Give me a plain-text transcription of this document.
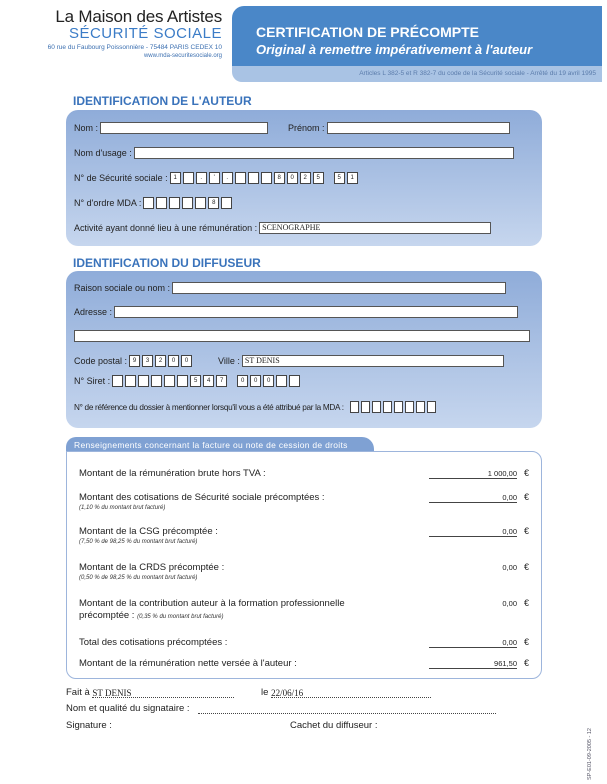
La Maison des Artistes
SÉCURITÉ SOCIALE
60 rue du Faubourg Poissonnière - 75484 PARIS CEDEX 10
www.mda-securitesociale.org
CERTIFICATION DE PRÉCOMPTE
Original à remettre impérativement à l'auteur
Articles L 382-5 et R 382-7 du code de la Sécurité sociale - Arrêté du 19 avril 1995
IDENTIFICATION DE L'AUTEUR
Nom :	Prénom :
Nom d'usage :
N° de Sécurité sociale : 1	.	'	.	8	0	2	5	5	1
N° d'ordre MDA :	8
Activité ayant donné lieu à une rémunération : SCENOGRAPHE
IDENTIFICATION DU DIFFUSEUR
Raison sociale ou nom :
Adresse :
Code postal : 9	3	2	0	0	Ville : ST DENIS
N° Siret :	5	4	7	0	0	0
N° de référence du dossier à mentionner lorsqu'il vous a été attribué par la MDA :
Renseignements concernant la facture ou note de cession de droits
Montant de la rémunération brute hors TVA :	1 000,00 €
Montant des cotisations de Sécurité sociale précomptées :
(1,10 % du montant brut facturé)
0,00 €
Montant de la CSG précomptée :
(7,50 % de 98,25 % du montant brut facturé)
0,00 €
Montant de la CRDS précomptée :
(0,50 % de 98,25 % du montant brut facturé)
0,00 €
Montant de la contribution auteur à la formation professionnelle
précomptée : (0,35 % du montant brut facturé)
0,00 €
Total des cotisations précomptées :	0,00 €
Montant de la rémunération nette versée à l'auteur :	961,50 €
Fait à ST DENIS	le 22/06/16
Nom et qualité du signataire :
Signature :	Cachet du diffuseur :
SP-E01-09-2005 - 12
